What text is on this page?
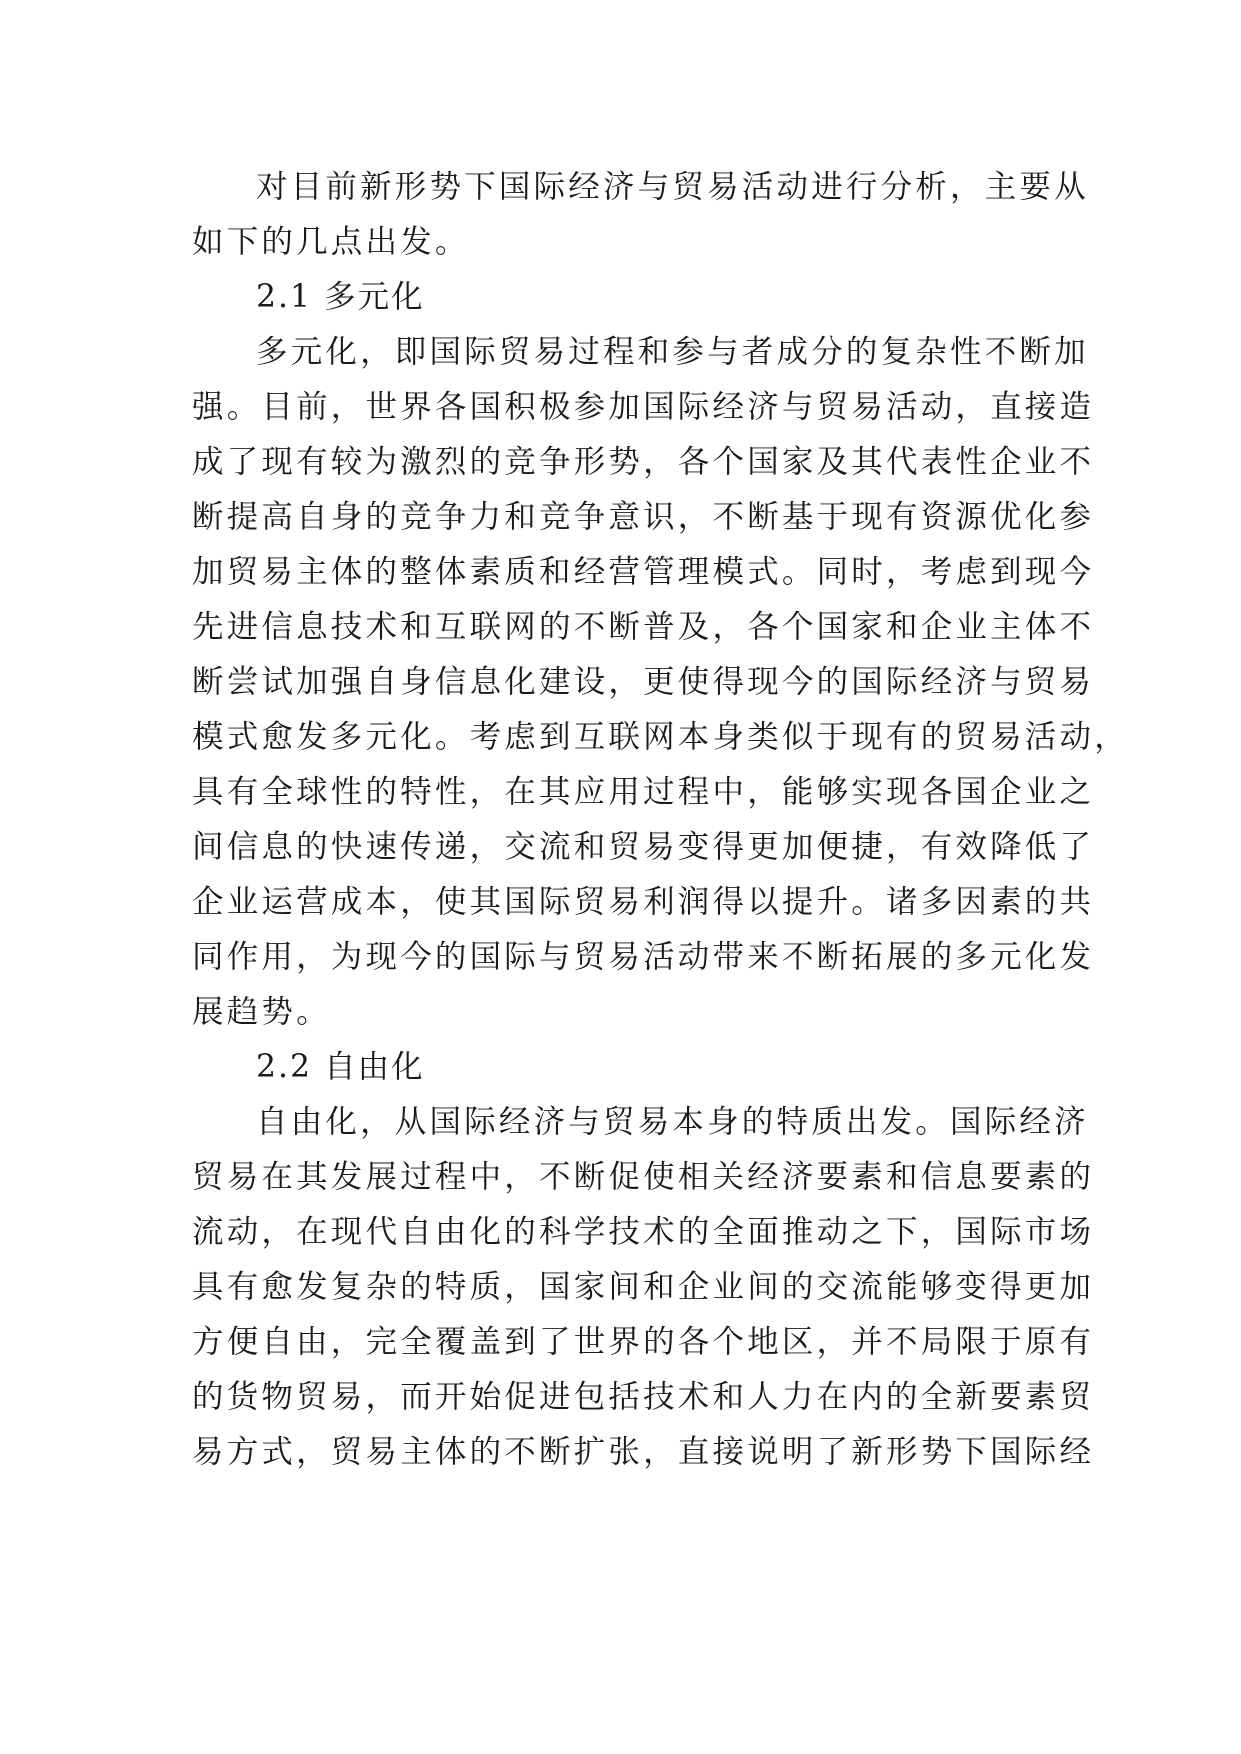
对目前新形势下国际经济与贸易活动进行分析，主要从
如下的几点出发。
2.1 多元化
多元化，即国际贸易过程和参与者成分的复杂性不断加
强。目前，世界各国积极参加国际经济与贸易活动，直接造
成了现有较为激烈的竞争形势，各个国家及其代表性企业不
断提高自身的竞争力和竞争意识，不断基于现有资源优化参
加贸易主体的整体素质和经营管理模式。同时，考虑到现今
先进信息技术和互联网的不断普及，各个国家和企业主体不
断尝试加强自身信息化建设，更使得现今的国际经济与贸易
模式愈发多元化。考虑到互联网本身类似于现有的贸易活动，
具有全球性的特性，在其应用过程中，能够实现各国企业之
间信息的快速传递，交流和贸易变得更加便捷，有效降低了
企业运营成本，使其国际贸易利润得以提升。诸多因素的共
同作用，为现今的国际与贸易活动带来不断拓展的多元化发
展趋势。
2.2 自由化
自由化，从国际经济与贸易本身的特质出发。国际经济
贸易在其发展过程中，不断促使相关经济要素和信息要素的
流动，在现代自由化的科学技术的全面推动之下，国际市场
具有愈发复杂的特质，国家间和企业间的交流能够变得更加
方便自由，完全覆盖到了世界的各个地区，并不局限于原有
的货物贸易，而开始促进包括技术和人力在内的全新要素贸
易方式，贸易主体的不断扩张，直接说明了新形势下国际经
